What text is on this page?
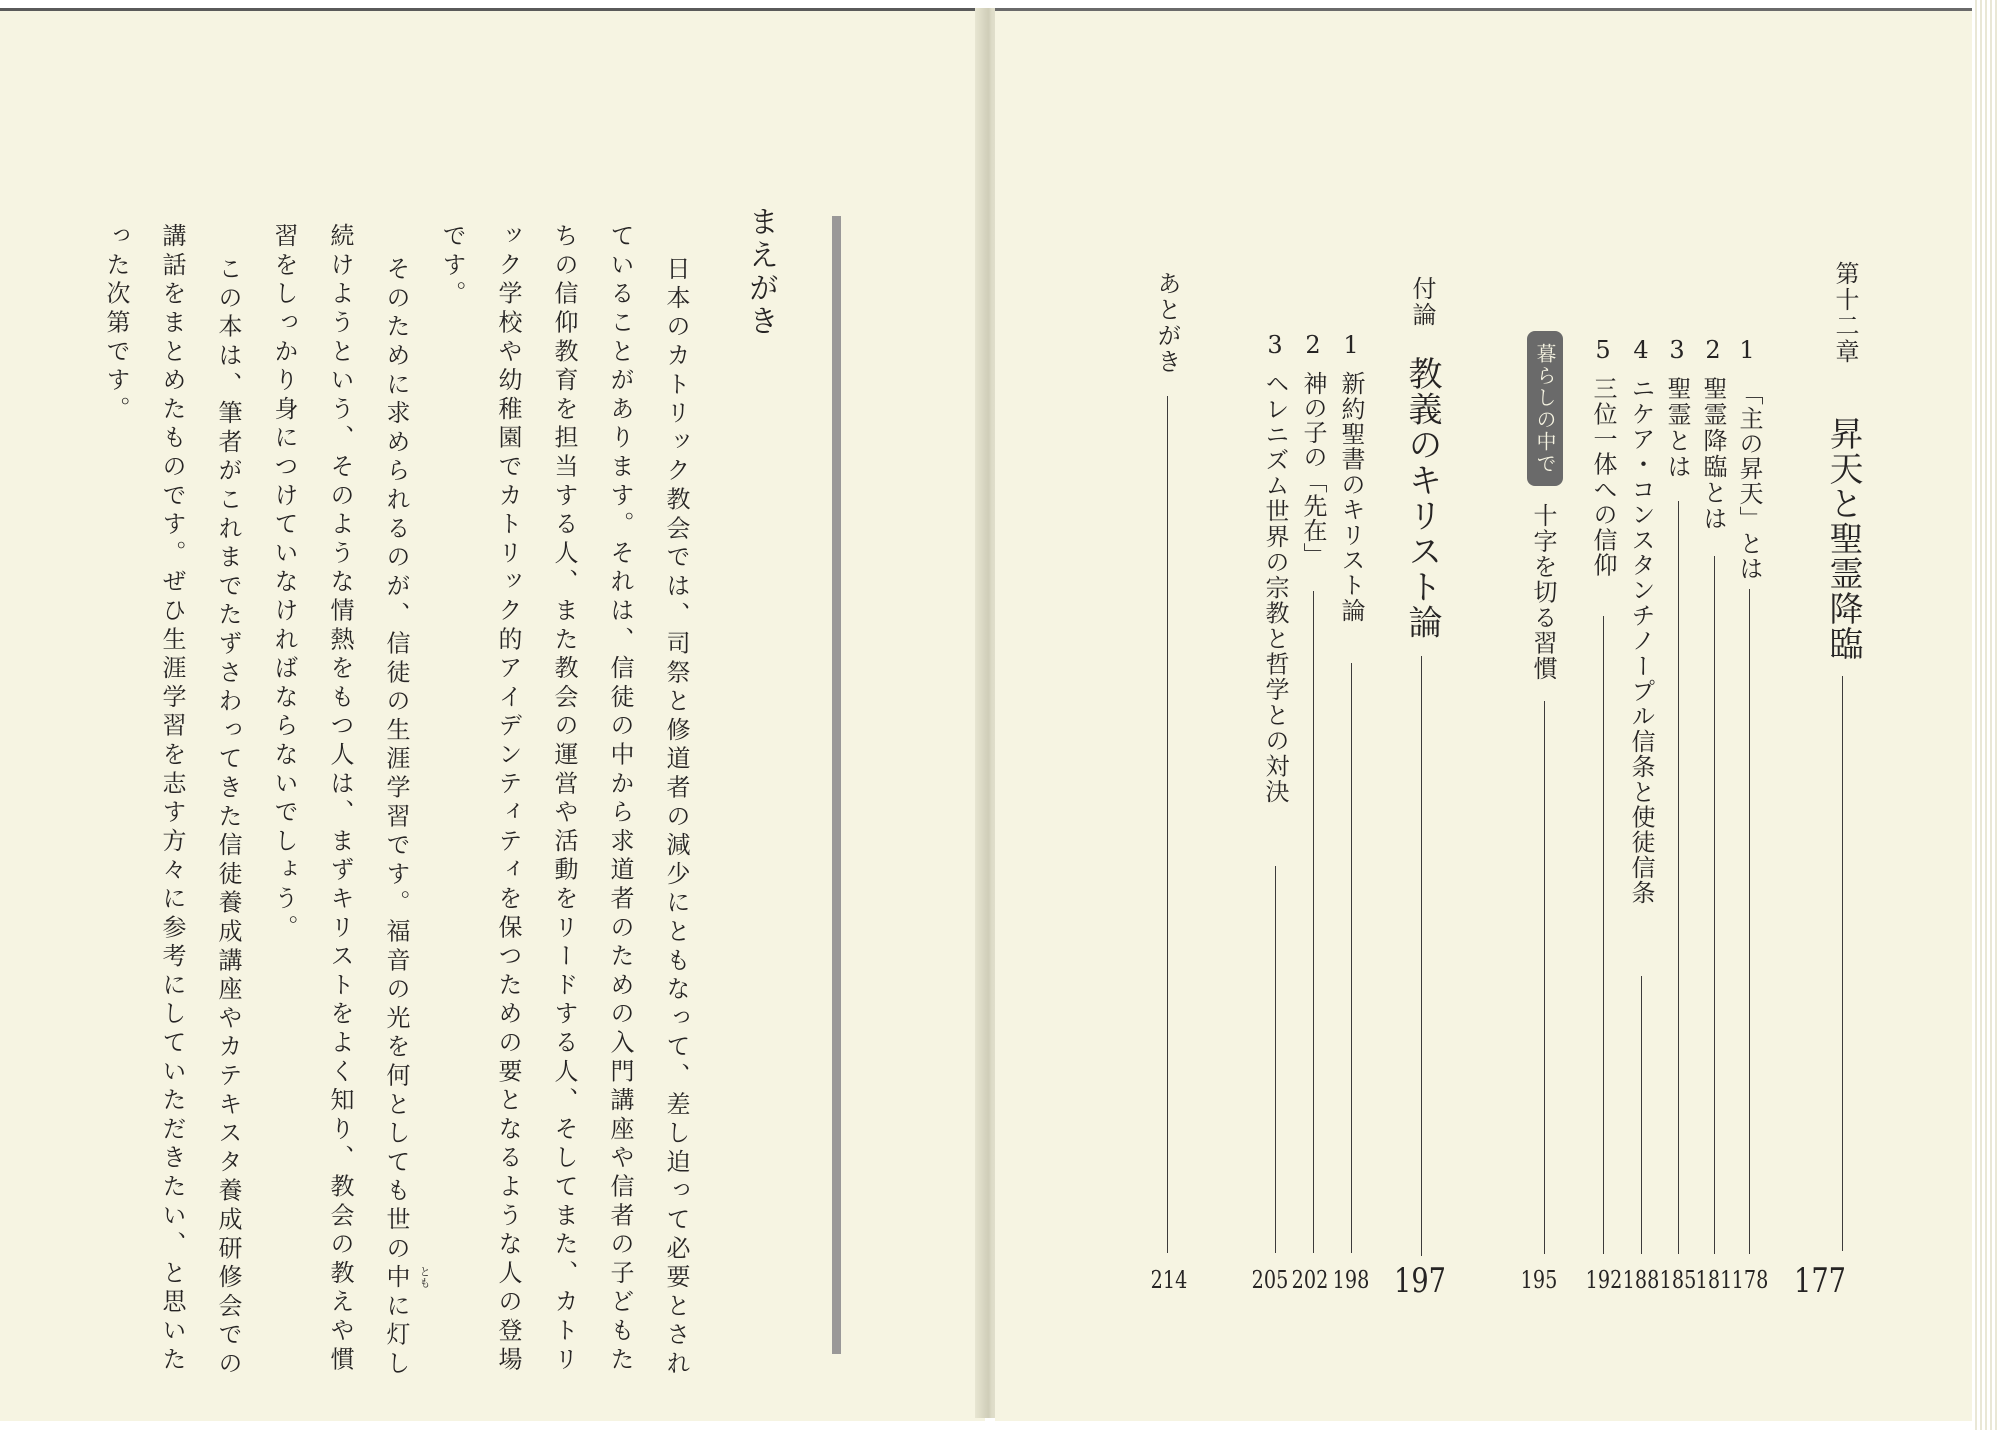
まえがき
日本のカトリック教会では、司祭と修道者の減少にともなって、差し迫って必要とされ
ていることがあります。それは、信徒の中から求道者のための入門講座や信者の子どもた
ちの信仰教育を担当する人、また教会の運営や活動をリードする人、そしてまた、カトリ
ック学校や幼稚園でカトリック的アイデンティティを保つための要となるような人の登場
です。
そのために求められるのが、信徒の生涯学習です。福音の光を何としても世の中に灯し とも
続けようという、そのような情熱をもつ人は、まずキリストをよく知り、教会の教えや慣
習をしっかり身につけていなければならないでしょう。
この本は、筆者がこれまでたずさわってきた信徒養成講座やカテキスタ養成研修会での
講話をまとめたものです。ぜひ生涯学習を志す方々に参考にしていただきたい、と思いた
った次第です。	第十二章
昇天と聖霊降臨
177
1
「主の昇天」とは
178
2
聖霊降臨とは
181
3
聖霊とは
185
4
ニケア・コンスタンチノープル信条と使徒信条
188
5
三位一体への信仰
192
暮らしの中で
十字を切る習慣
195
付論
教義のキリスト論
197
1
新約聖書のキリスト論
198
2
神の子の「先在」
202
3
ヘレニズム世界の宗教と哲学との対決
205
あとがき
214
